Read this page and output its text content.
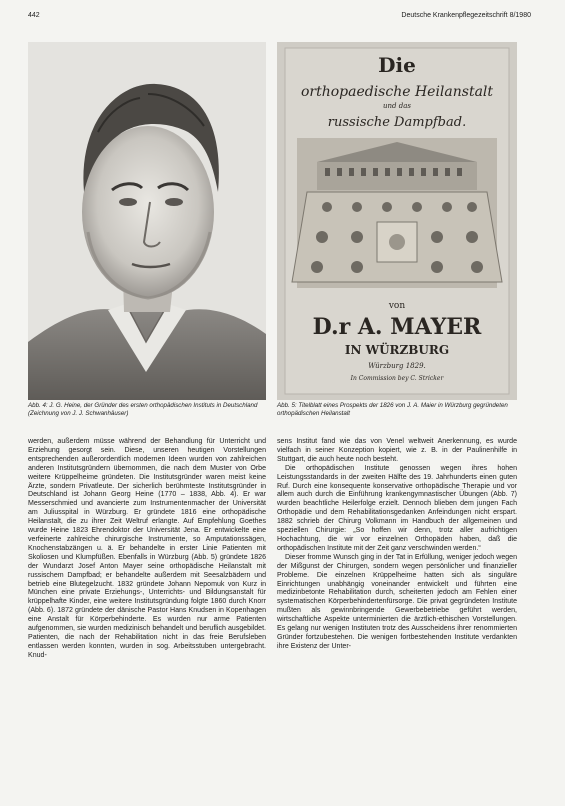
442	Deutsche Krankenpflegezeitschrift 8/1980
Die
orthopaedische Heilanstalt
und das
russische Dampfbad.
von
D.r A. MAYER
IN WÜRZBURG
Würzburg 1829.
In Commission bey C. Stricker
Abb. 4: J. G. Heine, der Gründer des ersten orthopädischen Instituts in Deutschland (Zeichnung von J. J. Schwanhäuser)
Abb. 5: Titelblatt eines Prospekts der 1826 von J. A. Maier in Würzburg gegründeten orthopädischen Heilanstalt

werden, außerdem müsse während der Behandlung für Unterricht und Erziehung gesorgt sein. Diese, unseren heutigen Vorstellungen entsprechenden außerordentlich modernen Ideen wurden von zahlreichen anderen Institutsgründern übernommen, die nach dem Muster von Orbe weitere Krüppelheime gründeten. Die Institutsgründer waren meist keine Ärzte, sondern Privatleute. Der sicherlich berühmteste Institutsgründer in Deutschland ist Johann Georg Heine (1770 – 1838, Abb. 4). Er war Messerschmied und avancierte zum Instrumentenmacher der Universität am Juliusspital in Würzburg. Er gründete 1816 eine orthopädische Heilanstalt, die zu ihrer Zeit Weltruf erlangte. Auf Empfehlung Goethes wurde Heine 1823 Ehrendoktor der Universität Jena. Er entwickelte eine verfeinerte zahlreiche chirurgische Instrumente, so Amputationssägen, Knochenstabzängen u. ä. Er behandelte in erster Linie Patienten mit Skoliosen und Klumpfüßen. Ebenfalls in Würzburg (Abb. 5) gründete 1826 der Wundarzt Josef Anton Mayer seine orthopädische Heilanstalt mit russischem Dampfbad; er behandelte außerdem mit Seesalzbädern und betrieb eine Blutegelzucht. 1832 gründete Johann Nepomuk von Kurz in München eine private Erziehungs-, Unterrichts- und Bildungsanstalt für krüppelhafte Kinder, eine weitere Institutsgründung folgte 1860 durch Knorr (Abb. 6). 1872 gründete der dänische Pastor Hans Knudsen in Kopenhagen eine Anstalt für Körperbehinderte. Es wurden nur arme Patienten aufgenommen, sie wurden medizinisch behandelt und beruflich ausgebildet. Patienten, die nach der Rehabilitation nicht in das freie Berufsleben entlassen werden konnten, wurden in sog. Arbeitsstuben untergebracht. Knud-

sens Institut fand wie das von Venel weltweit Anerkennung, es wurde vielfach in seiner Konzeption kopiert, wie z. B. in der Paulinenhilfe in Stuttgart, die auch heute noch besteht.

Die orthopädischen Institute genossen wegen ihres hohen Leistungsstandards in der zweiten Hälfte des 19. Jahrhunderts einen guten Ruf. Durch eine konsequente konservative orthopädische Therapie und vor allem auch durch die Einführung krankengymnastischer Übungen (Abb. 7) wurden beachtliche Heilerfolge erzielt. Dennoch blieben dem jungen Fach Orthopädie und dem Rehabilitationsgedanken Anfeindungen nicht erspart. 1882 schrieb der Chirurg Volkmann im Handbuch der allgemeinen und speziellen Chirurgie: „So hoffen wir denn, trotz aller aufrichtigen Hochachtung, die wir vor einzelnen Orthopäden haben, daß die orthopädischen Institute mit der Zeit ganz verschwinden werden.“

Dieser fromme Wunsch ging in der Tat in Erfüllung, weniger jedoch wegen der Mißgunst der Chirurgen, sondern wegen persönlicher und finanzieller Probleme. Die einzelnen Krüppelheime hatten sich als singuläre Einrichtungen unabhängig voneinander entwickelt und führten eine medizinbetonte Rehabilitation durch, scheiterten jedoch am Fehlen einer systematischen Körperbehindertenfürsorge. Die privat gegründeten Institute mußten als gewinnbringende Gewerbebetriebe geführt werden, wirtschaftliche Aspekte unterminierten die ärztlich-ethischen Vorstellungen. Es gelang nur wenigen Instituten trotz des Ausscheidens ihrer renommierten Gründer fortzubestehen. Die wenigen fortbestehenden Institute verdankten ihre Existenz der Unter-
